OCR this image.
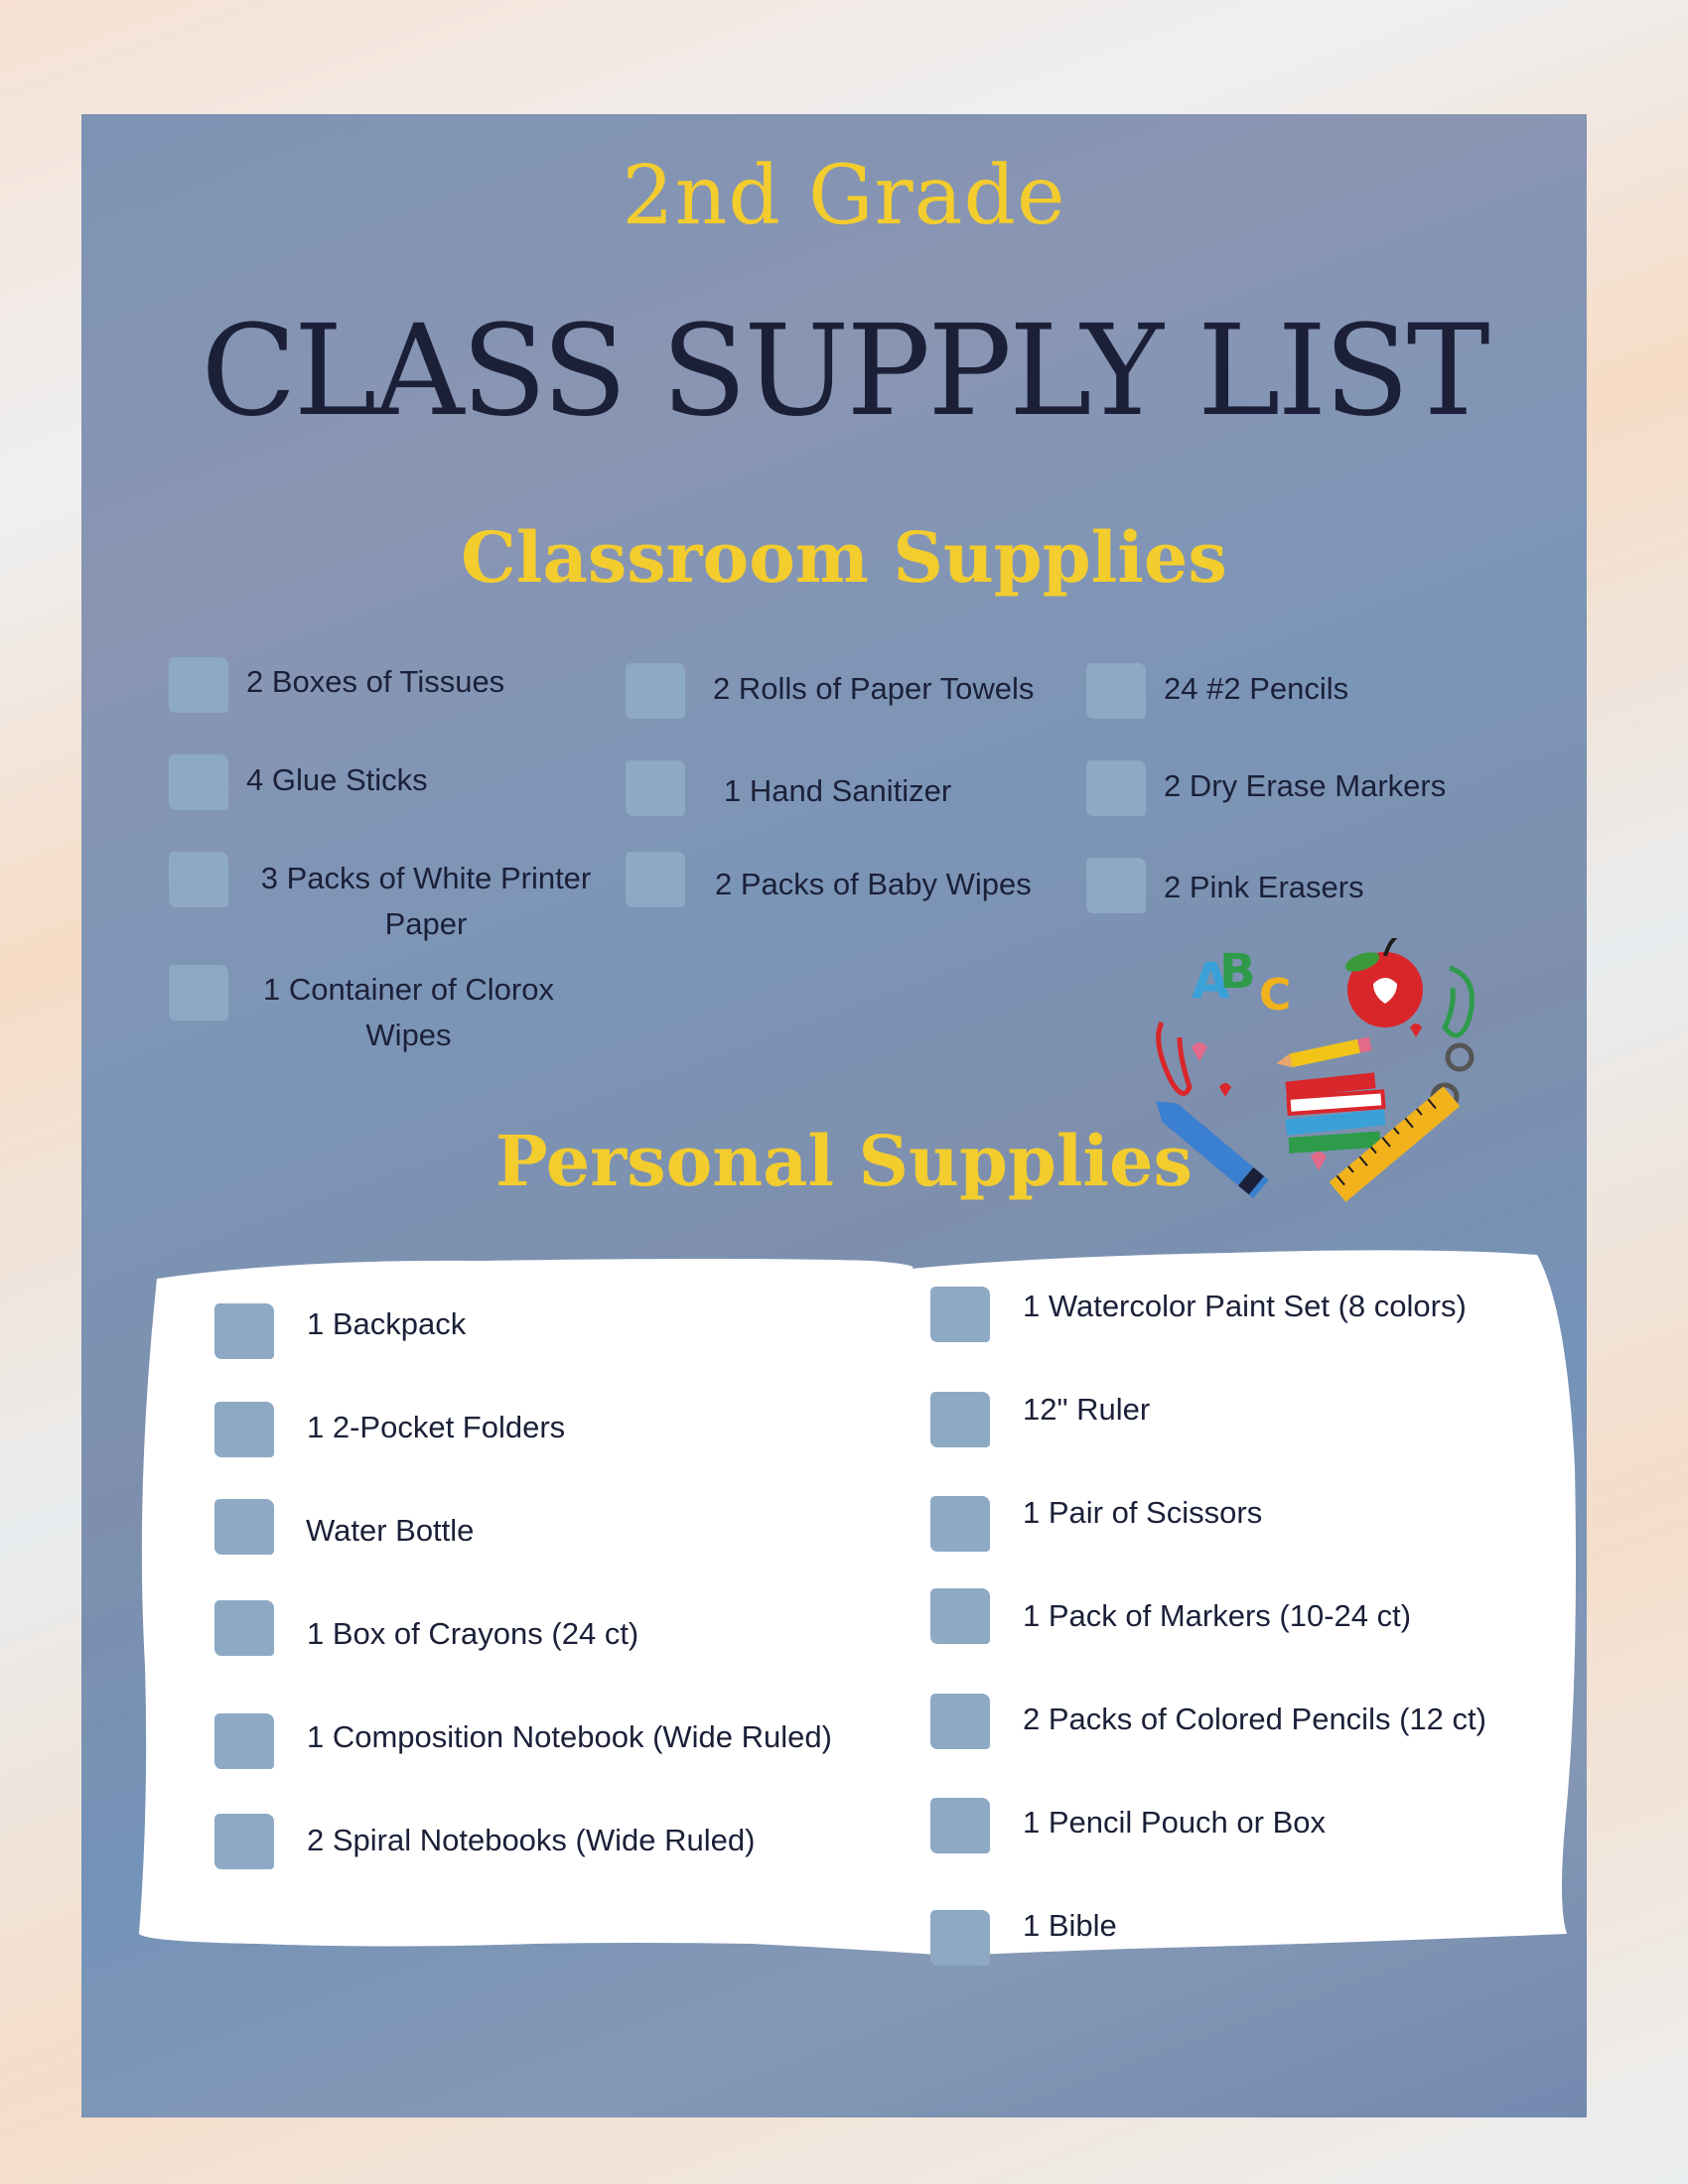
2nd Grade
CLASS SUPPLY LIST
Classroom Supplies
2 Boxes of Tissues
4 Glue Sticks
3 Packs of White Printer Paper
1 Container of Clorox Wipes
2 Rolls of Paper Towels
1 Hand Sanitizer
2 Packs of Baby Wipes
24 #2 Pencils
2 Dry Erase Markers
2 Pink Erasers
A
B C
Personal Supplies
1 Backpack
1 2-Pocket Folders
Water Bottle
1 Box of Crayons (24 ct)
1 Composition Notebook (Wide Ruled)
2 Spiral Notebooks (Wide Ruled)
1 Watercolor Paint Set (8 colors)
12" Ruler
1 Pair of Scissors
1 Pack of Markers (10-24 ct)
2 Packs of Colored Pencils (12 ct)
1 Pencil Pouch or Box
1 Bible
